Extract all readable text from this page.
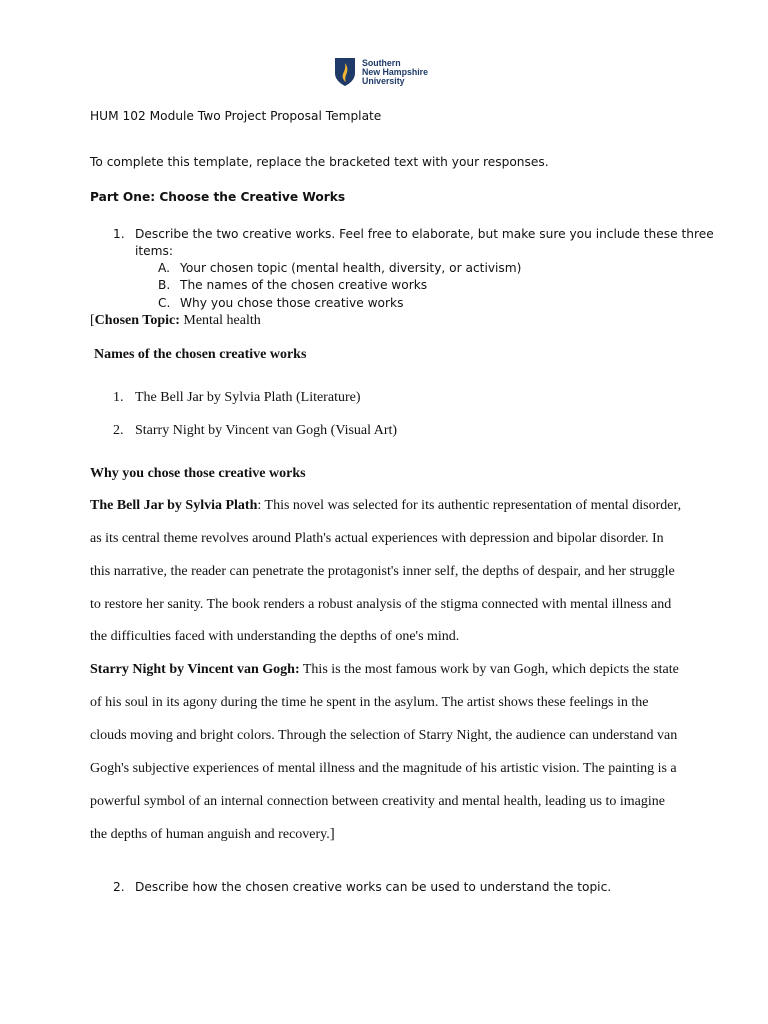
Southern
New Hampshire
University
HUM 102 Module Two Project Proposal Template
To complete this template, replace the bracketed text with your responses.
Part One: Choose the Creative Works
1. Describe the two creative works. Feel free to elaborate, but make sure you include these three
items:
A. Your chosen topic (mental health, diversity, or activism)
B. The names of the chosen creative works
C. Why you chose those creative works
[Chosen Topic: Mental health
Names of the chosen creative works
1. The Bell Jar by Sylvia Plath (Literature)
2. Starry Night by Vincent van Gogh (Visual Art)
Why you chose those creative works
The Bell Jar by Sylvia Plath: This novel was selected for its authentic representation of mental disorder,
as its central theme revolves around Plath's actual experiences with depression and bipolar disorder. In
this narrative, the reader can penetrate the protagonist's inner self, the depths of despair, and her struggle
to restore her sanity. The book renders a robust analysis of the stigma connected with mental illness and
the difficulties faced with understanding the depths of one's mind.
Starry Night by Vincent van Gogh: This is the most famous work by van Gogh, which depicts the state
of his soul in its agony during the time he spent in the asylum. The artist shows these feelings in the
clouds moving and bright colors. Through the selection of Starry Night, the audience can understand van
Gogh's subjective experiences of mental illness and the magnitude of his artistic vision. The painting is a
powerful symbol of an internal connection between creativity and mental health, leading us to imagine
the depths of human anguish and recovery.]
2. Describe how the chosen creative works can be used to understand the topic.
